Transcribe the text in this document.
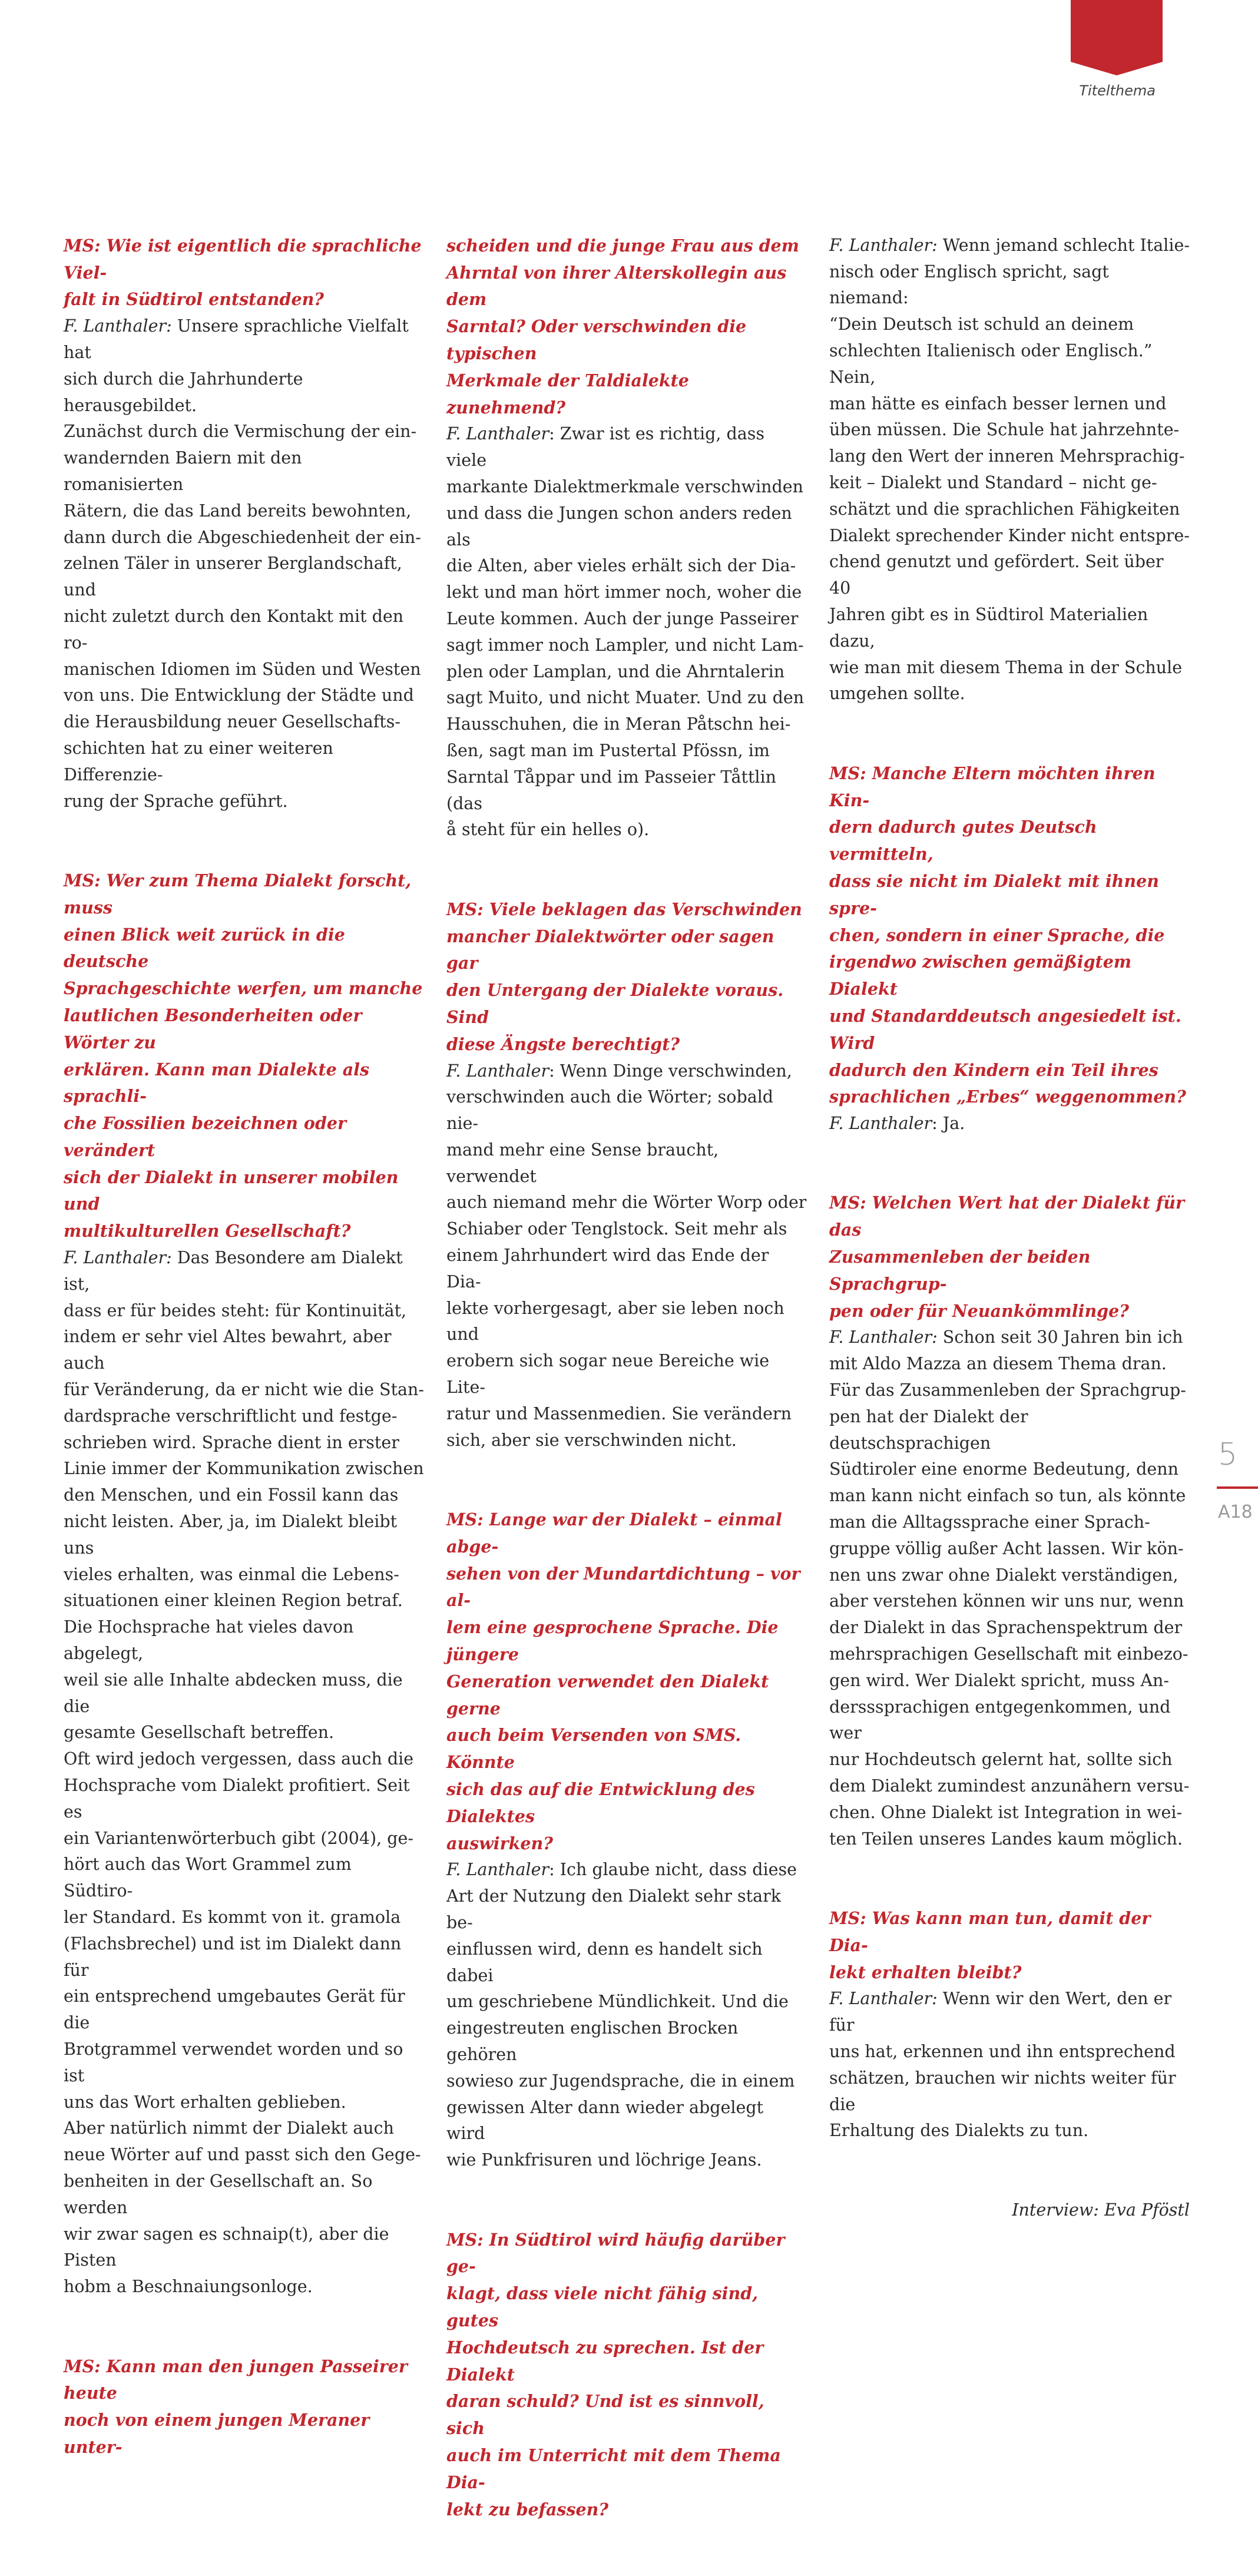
Titelthema

MS: Wie ist eigentlich die sprachliche Viel-
falt in Südtirol entstanden?
F. Lanthaler: Unsere sprachliche Vielfalt hat
sich durch die Jahrhunderte herausgebildet.
Zunächst durch die Vermischung der ein-
wandernden Baiern mit den romanisierten
Rätern, die das Land bereits bewohnten,
dann durch die Abgeschiedenheit der ein-
zelnen Täler in unserer Berglandschaft, und
nicht zuletzt durch den Kontakt mit den ro-
manischen Idiomen im Süden und Westen
von uns. Die Entwicklung der Städte und
die Herausbildung neuer Gesellschafts-
schichten hat zu einer weiteren Differenzie-
rung der Sprache geführt.

MS: Wer zum Thema Dialekt forscht, muss
einen Blick weit zurück in die deutsche
Sprachgeschichte werfen, um manche
lautlichen Besonderheiten oder Wörter zu
erklären. Kann man Dialekte als sprachli-
che Fossilien bezeichnen oder verändert
sich der Dialekt in unserer mobilen und
multikulturellen Gesellschaft?
F. Lanthaler: Das Besondere am Dialekt ist,
dass er für beides steht: für Kontinuität,
indem er sehr viel Altes bewahrt, aber auch
für Veränderung, da er nicht wie die Stan-
dardsprache verschriftlicht und festge-
schrieben wird. Sprache dient in erster
Linie immer der Kommunikation zwischen
den Menschen, und ein Fossil kann das
nicht leisten. Aber, ja, im Dialekt bleibt uns
vieles erhalten, was einmal die Lebens-
situationen einer kleinen Region betraf.
Die Hochsprache hat vieles davon abgelegt,
weil sie alle Inhalte abdecken muss, die die
gesamte Gesellschaft betreffen.
Oft wird jedoch vergessen, dass auch die
Hochsprache vom Dialekt profitiert. Seit es
ein Variantenwörterbuch gibt (2004), ge-
hört auch das Wort Grammel zum Südtiro-
ler Standard. Es kommt von it. gramola
(Flachsbrechel) und ist im Dialekt dann für
ein entsprechend umgebautes Gerät für die
Brotgrammel verwendet worden und so ist
uns das Wort erhalten geblieben.
Aber natürlich nimmt der Dialekt auch
neue Wörter auf und passt sich den Gege-
benheiten in der Gesellschaft an. So werden
wir zwar sagen es schnaip(t), aber die Pisten
hobm a Beschnaiungsonloge.

MS: Kann man den jungen Passeirer heute
noch von einem jungen Meraner unter-

scheiden und die junge Frau aus dem
Ahrntal von ihrer Alterskollegin aus dem
Sarntal? Oder verschwinden die typischen
Merkmale der Taldialekte zunehmend?
F. Lanthaler: Zwar ist es richtig, dass viele
markante Dialektmerkmale verschwinden
und dass die Jungen schon anders reden als
die Alten, aber vieles erhält sich der Dia-
lekt und man hört immer noch, woher die
Leute kommen. Auch der junge Passeirer
sagt immer noch Lampler, und nicht Lam-
plen oder Lamplan, und die Ahrntalerin
sagt Muito, und nicht Muater. Und zu den
Hausschuhen, die in Meran Påtschn hei-
ßen, sagt man im Pustertal Pfössn, im
Sarntal Tåppar und im Passeier Tåttlin (das
å steht für ein helles o).

MS: Viele beklagen das Verschwinden
mancher Dialektwörter oder sagen gar
den Untergang der Dialekte voraus. Sind
diese Ängste berechtigt?
F. Lanthaler: Wenn Dinge verschwinden,
verschwinden auch die Wörter; sobald nie-
mand mehr eine Sense braucht, verwendet
auch niemand mehr die Wörter Worp oder
Schiaber oder Tenglstock. Seit mehr als
einem Jahrhundert wird das Ende der Dia-
lekte vorhergesagt, aber sie leben noch und
erobern sich sogar neue Bereiche wie Lite-
ratur und Massenmedien. Sie verändern
sich, aber sie verschwinden nicht.

MS: Lange war der Dialekt – einmal abge-
sehen von der Mundartdichtung – vor al-
lem eine gesprochene Sprache. Die jüngere
Generation verwendet den Dialekt gerne
auch beim Versenden von SMS. Könnte
sich das auf die Entwicklung des Dialektes
auswirken?
F. Lanthaler: Ich glaube nicht, dass diese
Art der Nutzung den Dialekt sehr stark be-
einflussen wird, denn es handelt sich dabei
um geschriebene Mündlichkeit. Und die
eingestreuten englischen Brocken gehören
sowieso zur Jugendsprache, die in einem
gewissen Alter dann wieder abgelegt wird
wie Punkfrisuren und löchrige Jeans.

MS: In Südtirol wird häufig darüber ge-
klagt, dass viele nicht fähig sind, gutes
Hochdeutsch zu sprechen. Ist der Dialekt
daran schuld? Und ist es sinnvoll, sich
auch im Unterricht mit dem Thema Dia-
lekt zu befassen?

F. Lanthaler: Wenn jemand schlecht Italie-
nisch oder Englisch spricht, sagt niemand:
“Dein Deutsch ist schuld an deinem
schlechten Italienisch oder Englisch.” Nein,
man hätte es einfach besser lernen und
üben müssen. Die Schule hat jahrzehnte-
lang den Wert der inneren Mehrsprachig-
keit – Dialekt und Standard – nicht ge-
schätzt und die sprachlichen Fähigkeiten
Dialekt sprechender Kinder nicht entspre-
chend genutzt und gefördert. Seit über 40
Jahren gibt es in Südtirol Materialien dazu,
wie man mit diesem Thema in der Schule
umgehen sollte.

MS: Manche Eltern möchten ihren Kin-
dern dadurch gutes Deutsch vermitteln,
dass sie nicht im Dialekt mit ihnen spre-
chen, sondern in einer Sprache, die
irgendwo zwischen gemäßigtem Dialekt
und Standarddeutsch angesiedelt ist. Wird
dadurch den Kindern ein Teil ihres
sprachlichen „Erbes“ weggenommen?
F. Lanthaler: Ja.

MS: Welchen Wert hat der Dialekt für das
Zusammenleben der beiden Sprachgrup-
pen oder für Neuankömmlinge?
F. Lanthaler: Schon seit 30 Jahren bin ich
mit Aldo Mazza an diesem Thema dran.
Für das Zusammenleben der Sprachgrup-
pen hat der Dialekt der deutschsprachigen
Südtiroler eine enorme Bedeutung, denn
man kann nicht einfach so tun, als könnte
man die Alltagssprache einer Sprach-
gruppe völlig außer Acht lassen. Wir kön-
nen uns zwar ohne Dialekt verständigen,
aber verstehen können wir uns nur, wenn
der Dialekt in das Sprachenspektrum der
mehrsprachigen Gesellschaft mit einbezo-
gen wird. Wer Dialekt spricht, muss An-
dersssprachigen entgegenkommen, und wer
nur Hochdeutsch gelernt hat, sollte sich
dem Dialekt zumindest anzunähern versu-
chen. Ohne Dialekt ist Integration in wei-
ten Teilen unseres Landes kaum möglich.

MS: Was kann man tun, damit der Dia-
lekt erhalten bleibt?
F. Lanthaler: Wenn wir den Wert, den er für
uns hat, erkennen und ihn entsprechend
schätzen, brauchen wir nichts weiter für die
Erhaltung des Dialekts zu tun.

Interview: Eva Pföstl

5
A18
